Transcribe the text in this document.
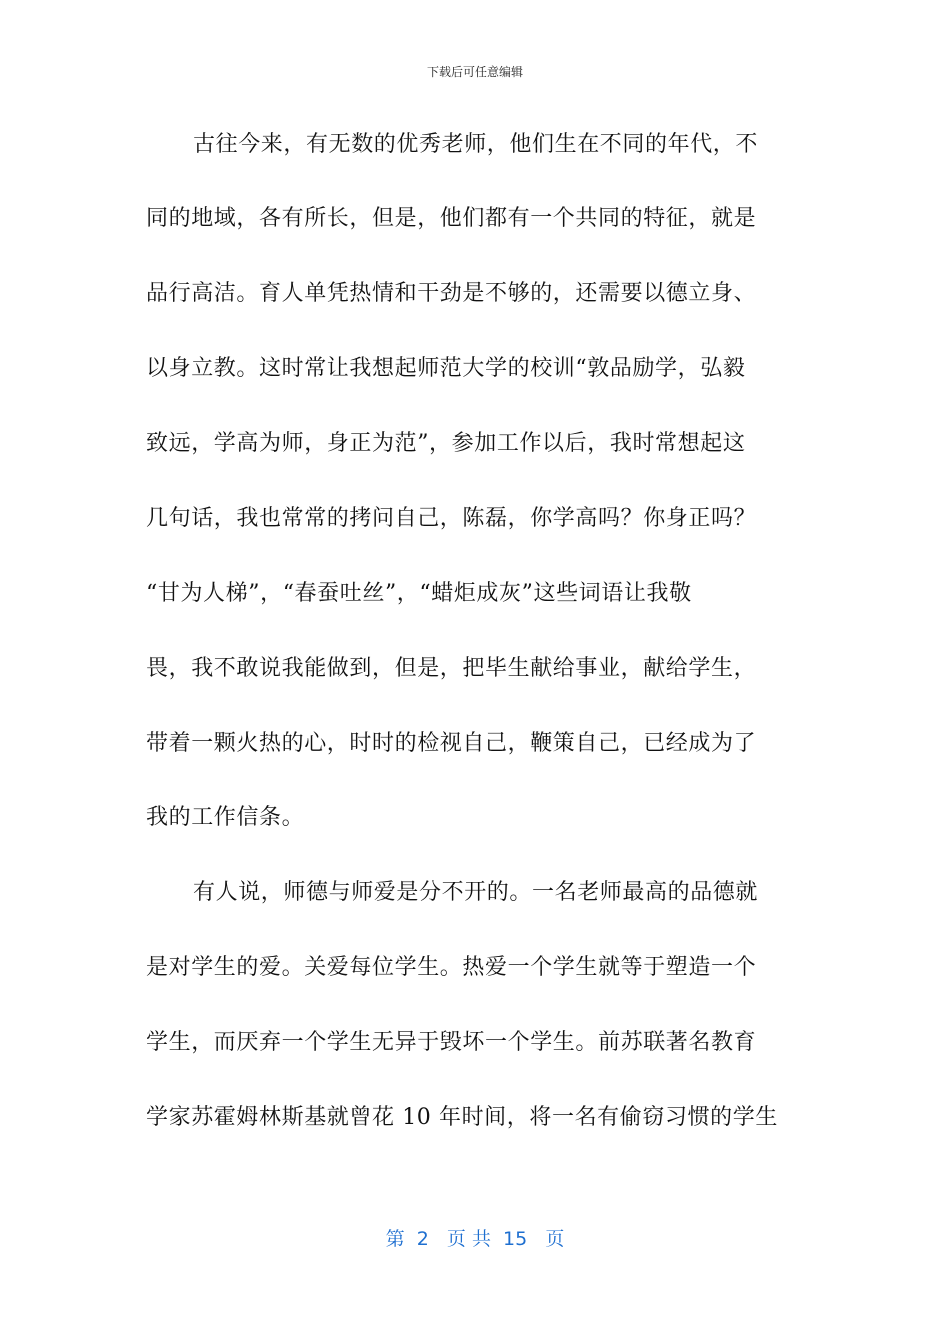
下载后可任意编辑
古往今来，有无数的优秀老师，他们生在不同的年代，不
同的地域，各有所长，但是，他们都有一个共同的特征，就是
品行高洁。育人单凭热情和干劲是不够的，还需要以德立身、
以身立教。这时常让我想起师范大学的校训“敦品励学，弘毅
致远，学高为师，身正为范”，参加工作以后，我时常想起这
几句话，我也常常的拷问自己，陈磊，你学高吗？你身正吗？
“甘为人梯”，“春蚕吐丝”，“蜡炬成灰”这些词语让我敬
畏，我不敢说我能做到，但是，把毕生献给事业，献给学生，
带着一颗火热的心，时时的检视自己，鞭策自己，已经成为了
我的工作信条。
有人说，师德与师爱是分不开的。一名老师最高的品德就
是对学生的爱。关爱每位学生。热爱一个学生就等于塑造一个
学生，而厌弃一个学生无异于毁坏一个学生。前苏联著名教育
学家苏霍姆林斯基就曾花 10 年时间，将一名有偷窃习惯的学生
第  2   页 共  15   页
